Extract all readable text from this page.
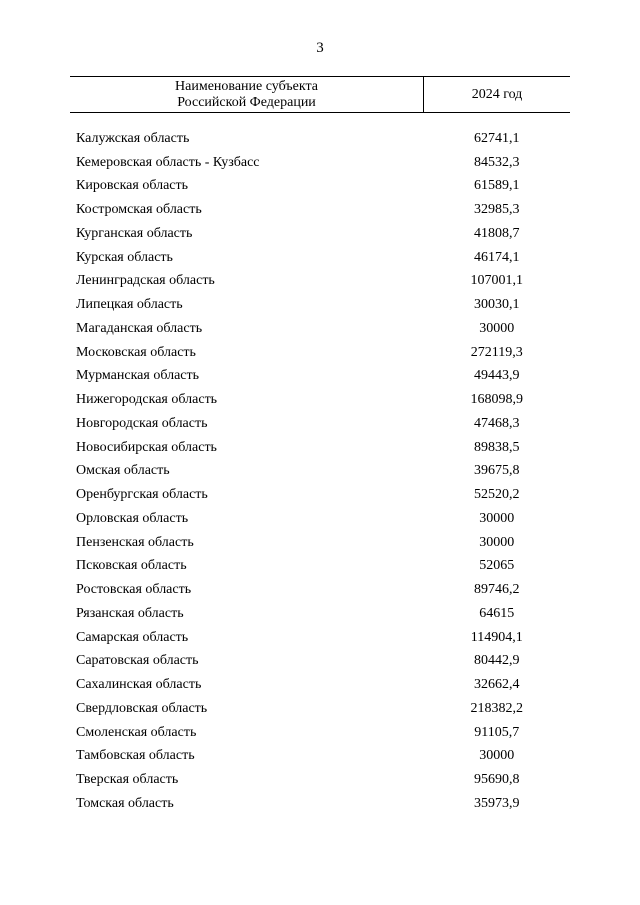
3
Наименование субъекта
Российской Федерации	2024 год

Калужская область	62741,1
Кемеровская область - Кузбасс	84532,3
Кировская область	61589,1
Костромская область	32985,3
Курганская область	41808,7
Курская область	46174,1
Ленинградская область	107001,1
Липецкая область	30030,1
Магаданская область	30000
Московская область	272119,3
Мурманская область	49443,9
Нижегородская область	168098,9
Новгородская область	47468,3
Новосибирская область	89838,5
Омская область	39675,8
Оренбургская область	52520,2
Орловская область	30000
Пензенская область	30000
Псковская область	52065
Ростовская область	89746,2
Рязанская область	64615
Самарская область	114904,1
Саратовская область	80442,9
Сахалинская область	32662,4
Свердловская область	218382,2
Смоленская область	91105,7
Тамбовская область	30000
Тверская область	95690,8
Томская область	35973,9
